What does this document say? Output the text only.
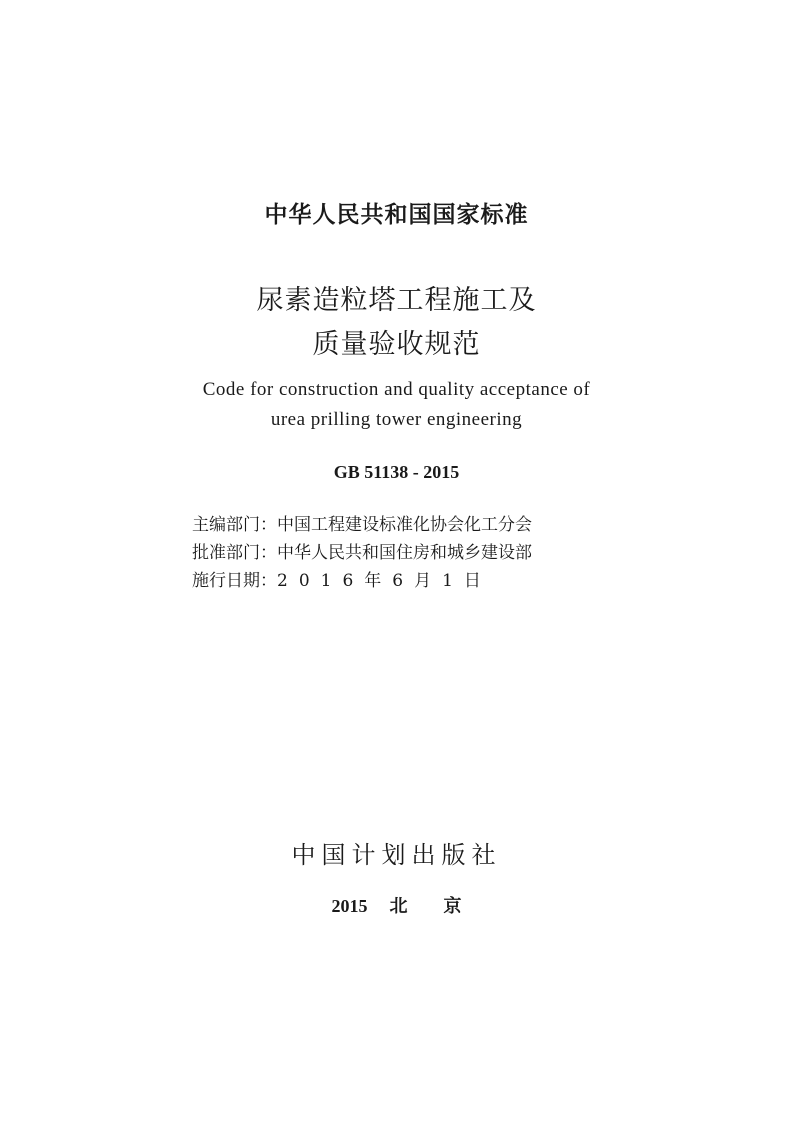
中华人民共和国国家标准
尿素造粒塔工程施工及
质量验收规范
Code for construction and quality acceptance of
urea prilling tower engineering
GB 51138 - 2015
主编部门：中国工程建设标准化协会化工分会
批准部门：中华人民共和国住房和城乡建设部
施行日期：2016年6月1日
中国计划出版社
2015 北 京
